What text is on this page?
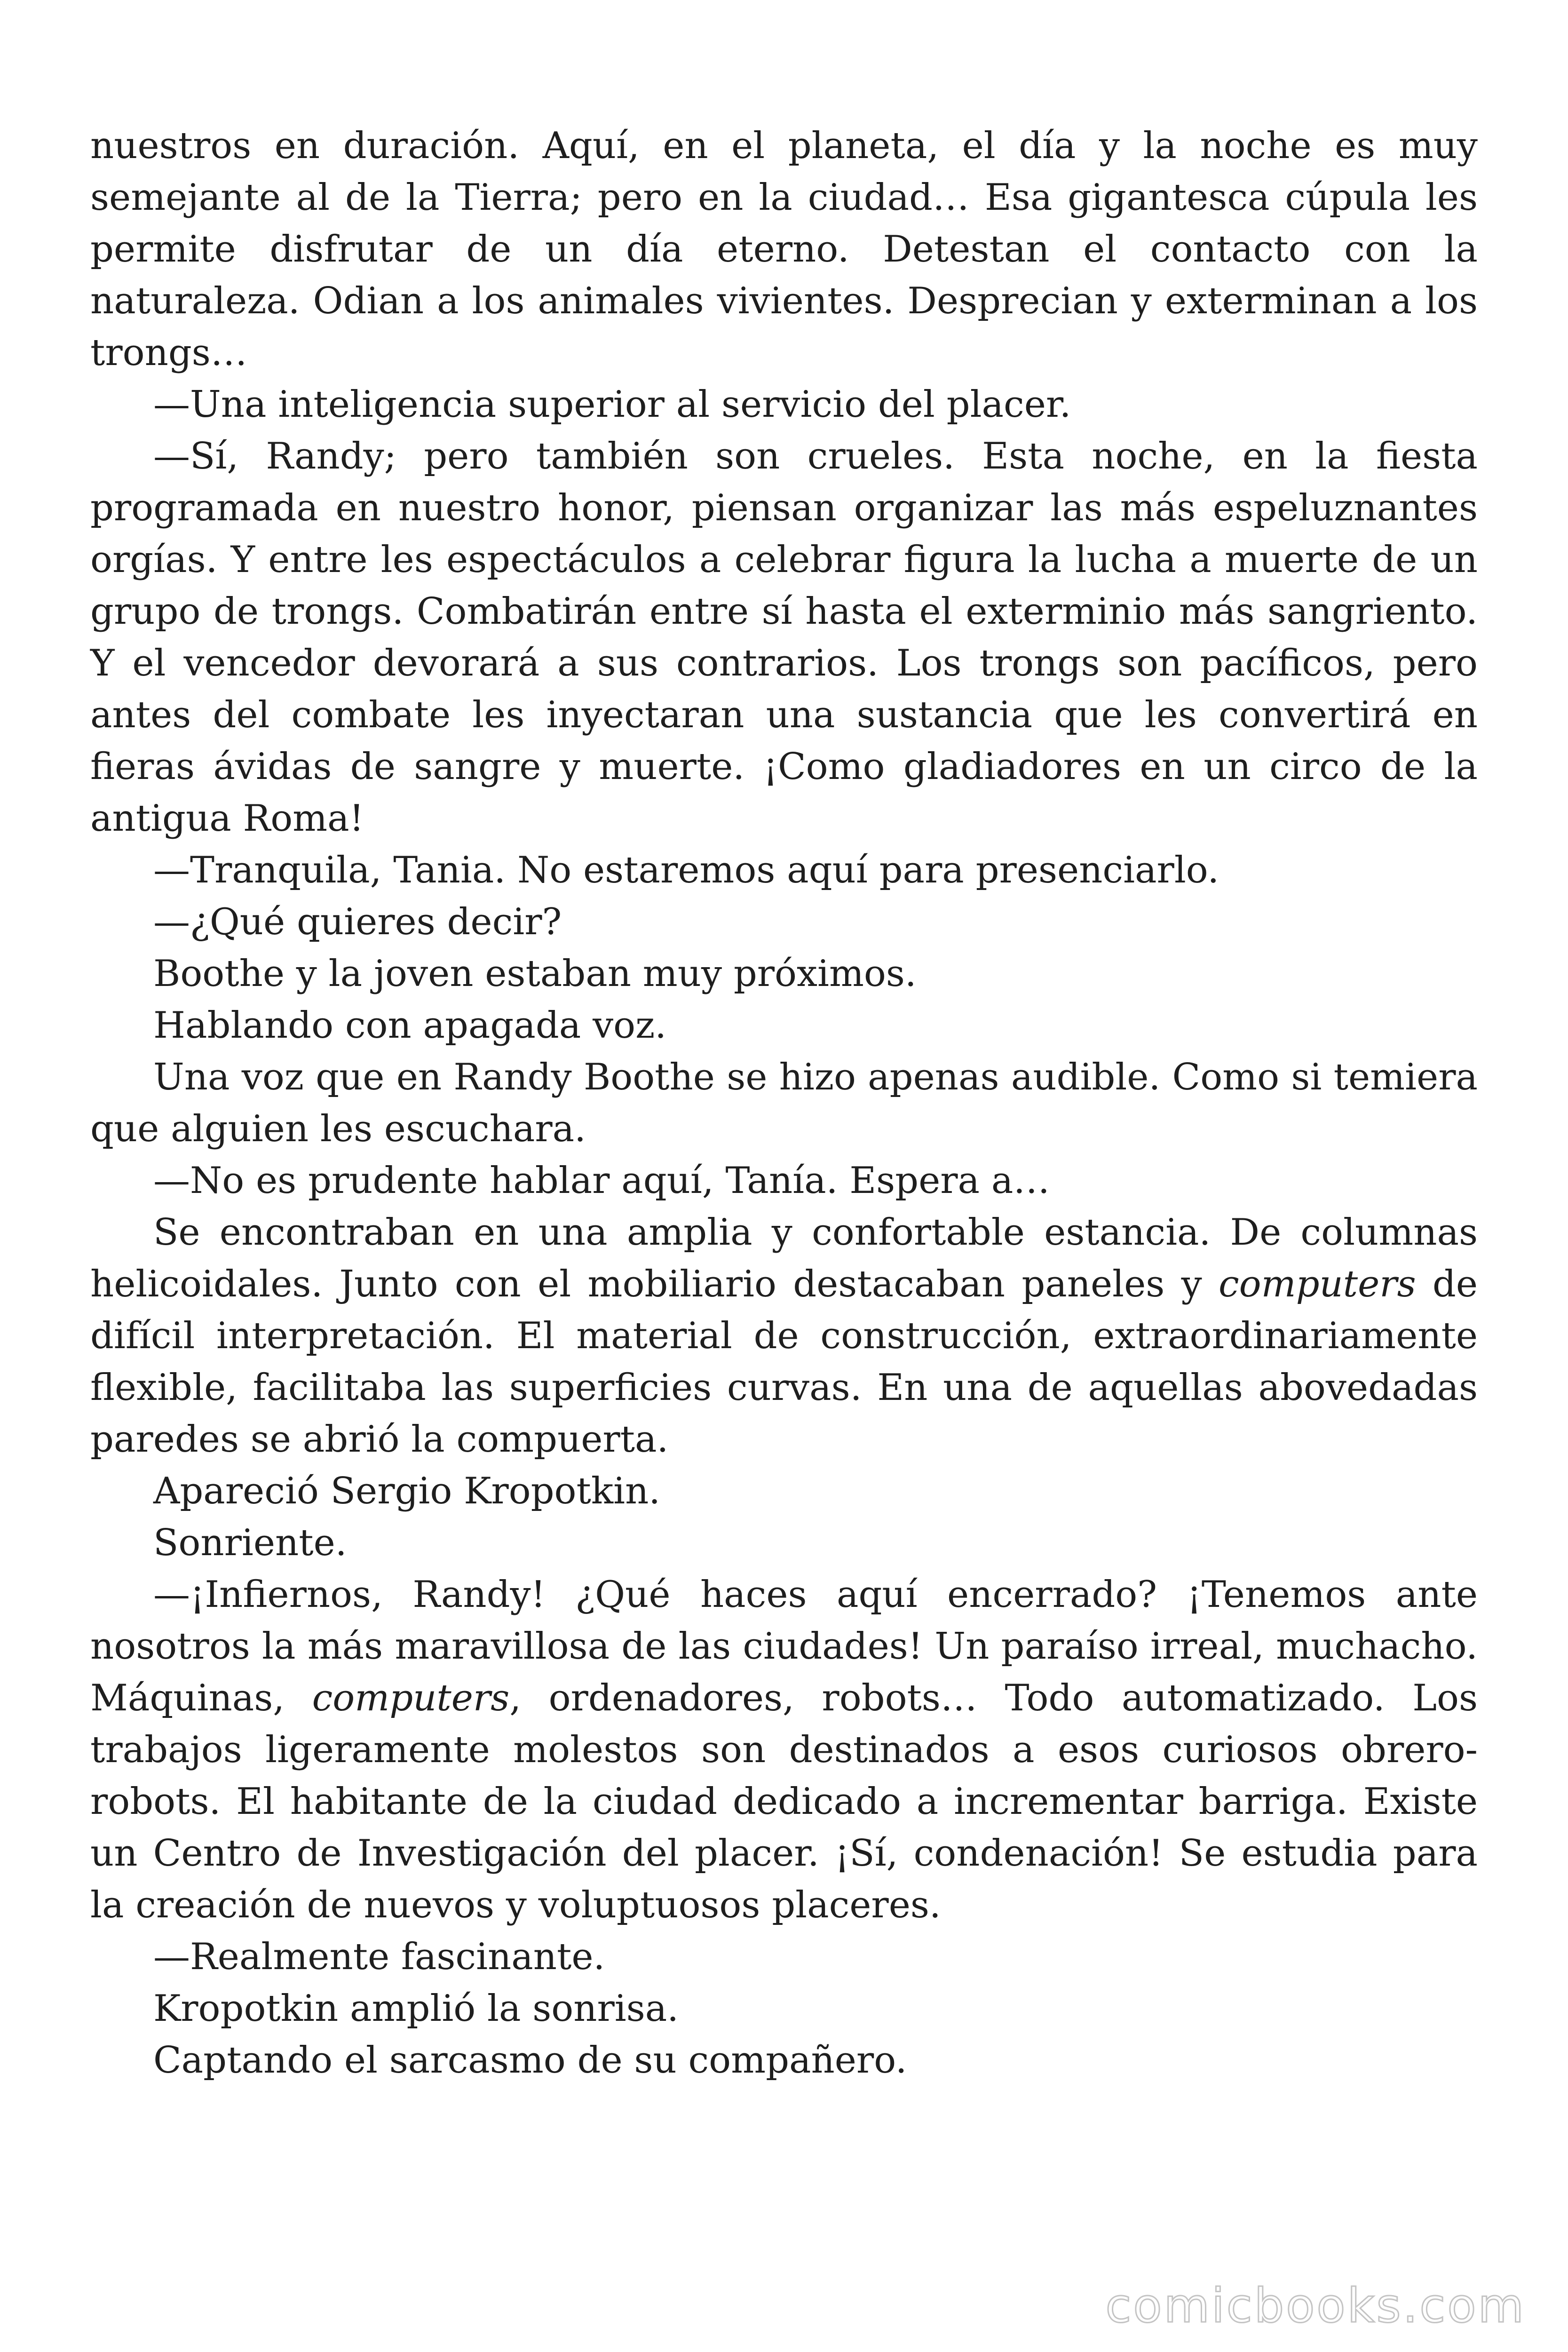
nuestros en duración. Aquí, en el planeta, el día y la noche es muy semejante al de la Tierra; pero en la ciudad… Esa gigantesca cúpula les permite disfrutar de un día eterno. Detestan el contacto con la naturaleza. Odian a los animales vivientes. Desprecian y exterminan a los trongs…

—Una inteligencia superior al servicio del placer.

—Sí, Randy; pero también son crueles. Esta noche, en la fiesta programada en nuestro honor, piensan organizar las más espeluznantes orgías. Y entre les espectáculos a celebrar figura la lucha a muerte de un grupo de trongs. Combatirán entre sí hasta el exterminio más sangriento. Y el vencedor devorará a sus contrarios. Los trongs son pacíficos, pero antes del combate les inyectaran una sustancia que les convertirá en fieras ávidas de sangre y muerte. ¡Como gladiadores en un circo de la antigua Roma!

—Tranquila, Tania. No estaremos aquí para presenciarlo.

—¿Qué quieres decir?

Boothe y la joven estaban muy próximos.

Hablando con apagada voz.

Una voz que en Randy Boothe se hizo apenas audible. Como si temiera que alguien les escuchara.

—No es prudente hablar aquí, Tanía. Espera a…

Se encontraban en una amplia y confortable estancia. De columnas helicoidales. Junto con el mobiliario destacaban paneles y computers de difícil interpretación. El material de construcción, extraordinariamente flexible, facilitaba las superficies curvas. En una de aquellas abovedadas paredes se abrió la compuerta.

Apareció Sergio Kropotkin.

Sonriente.

—¡Infiernos, Randy! ¿Qué haces aquí encerrado? ¡Tenemos ante nosotros la más maravillosa de las ciudades! Un paraíso irreal, muchacho. Máquinas, computers, ordenadores, robots… Todo automatizado. Los trabajos ligeramente molestos son destinados a esos curiosos obrero-robots. El habitante de la ciudad dedicado a incrementar barriga. Existe un Centro de Investigación del placer. ¡Sí, condenación! Se estudia para la creación de nuevos y voluptuosos placeres.

—Realmente fascinante.

Kropotkin amplió la sonrisa.

Captando el sarcasmo de su compañero.

comicbooks.com
